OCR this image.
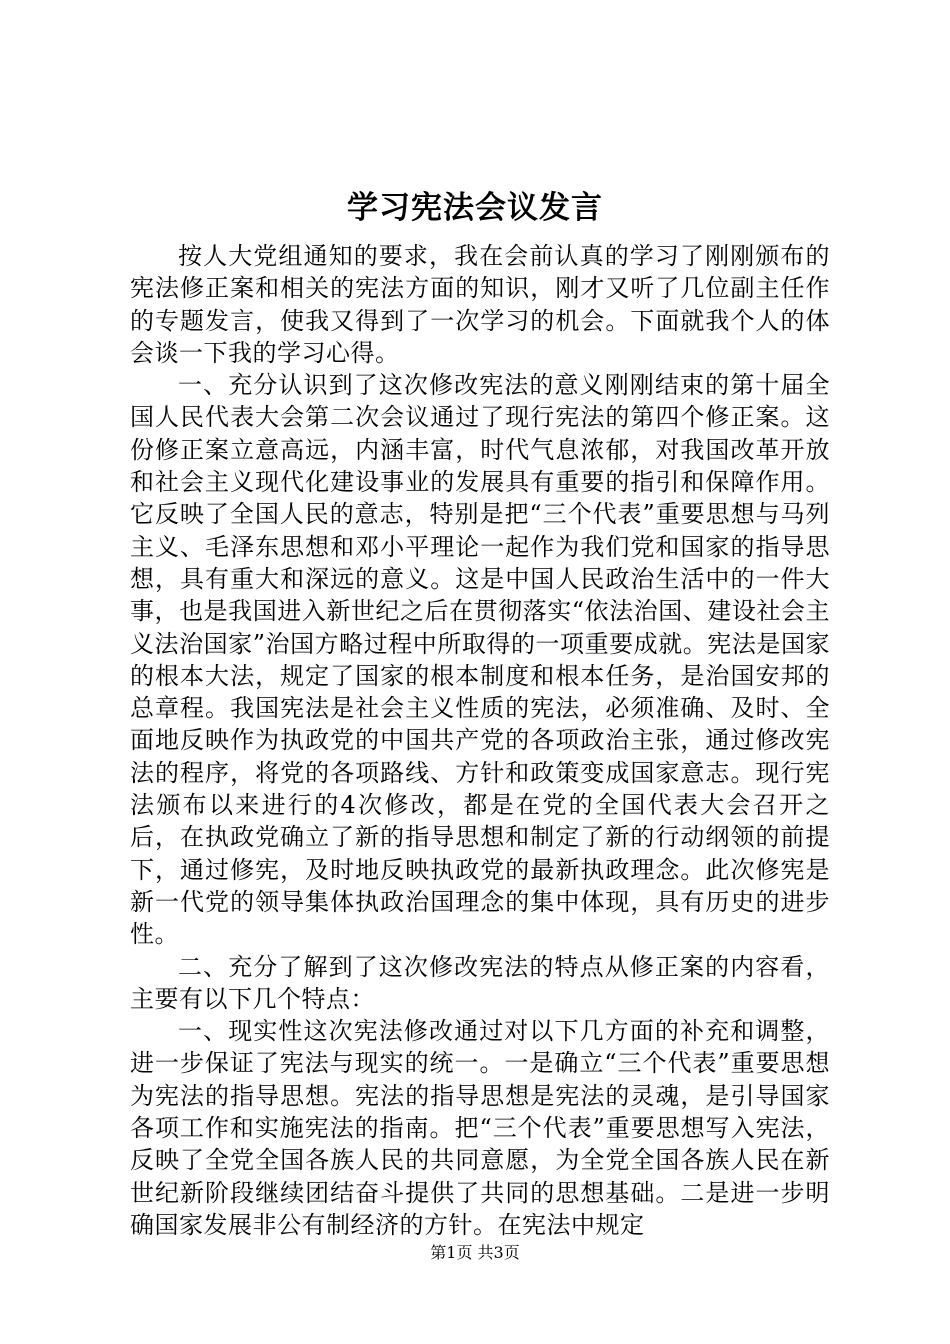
学习宪法会议发言

按人大党组通知的要求，我在会前认真的学习了刚刚颁布的宪法修正案和相关的宪法方面的知识，刚才又听了几位副主任作的专题发言，使我又得到了一次学习的机会。下面就我个人的体会谈一下我的学习心得。

一、充分认识到了这次修改宪法的意义刚刚结束的第十届全国人民代表大会第二次会议通过了现行宪法的第四个修正案。这份修正案立意高远，内涵丰富，时代气息浓郁，对我国改革开放和社会主义现代化建设事业的发展具有重要的指引和保障作用。它反映了全国人民的意志，特别是把“三个代表”重要思想与马列主义、毛泽东思想和邓小平理论一起作为我们党和国家的指导思想，具有重大和深远的意义。这是中国人民政治生活中的一件大事，也是我国进入新世纪之后在贯彻落实“依法治国、建设社会主义法治国家”治国方略过程中所取得的一项重要成就。宪法是国家的根本大法，规定了国家的根本制度和根本任务，是治国安邦的总章程。我国宪法是社会主义性质的宪法，必须准确、及时、全面地反映作为执政党的中国共产党的各项政治主张，通过修改宪法的程序，将党的各项路线、方针和政策变成国家意志。现行宪法颁布以来进行的4次修改，都是在党的全国代表大会召开之后，在执政党确立了新的指导思想和制定了新的行动纲领的前提下，通过修宪，及时地反映执政党的最新执政理念。此次修宪是新一代党的领导集体执政治国理念的集中体现，具有历史的进步性。

二、充分了解到了这次修改宪法的特点从修正案的内容看，主要有以下几个特点：

一、现实性这次宪法修改通过对以下几方面的补充和调整，进一步保证了宪法与现实的统一。一是确立“三个代表”重要思想为宪法的指导思想。宪法的指导思想是宪法的灵魂，是引导国家各项工作和实施宪法的指南。把“三个代表”重要思想写入宪法，反映了全党全国各族人民的共同意愿，为全党全国各族人民在新世纪新阶段继续团结奋斗提供了共同的思想基础。二是进一步明确国家发展非公有制经济的方针。在宪法中规定

第1页 共3页
